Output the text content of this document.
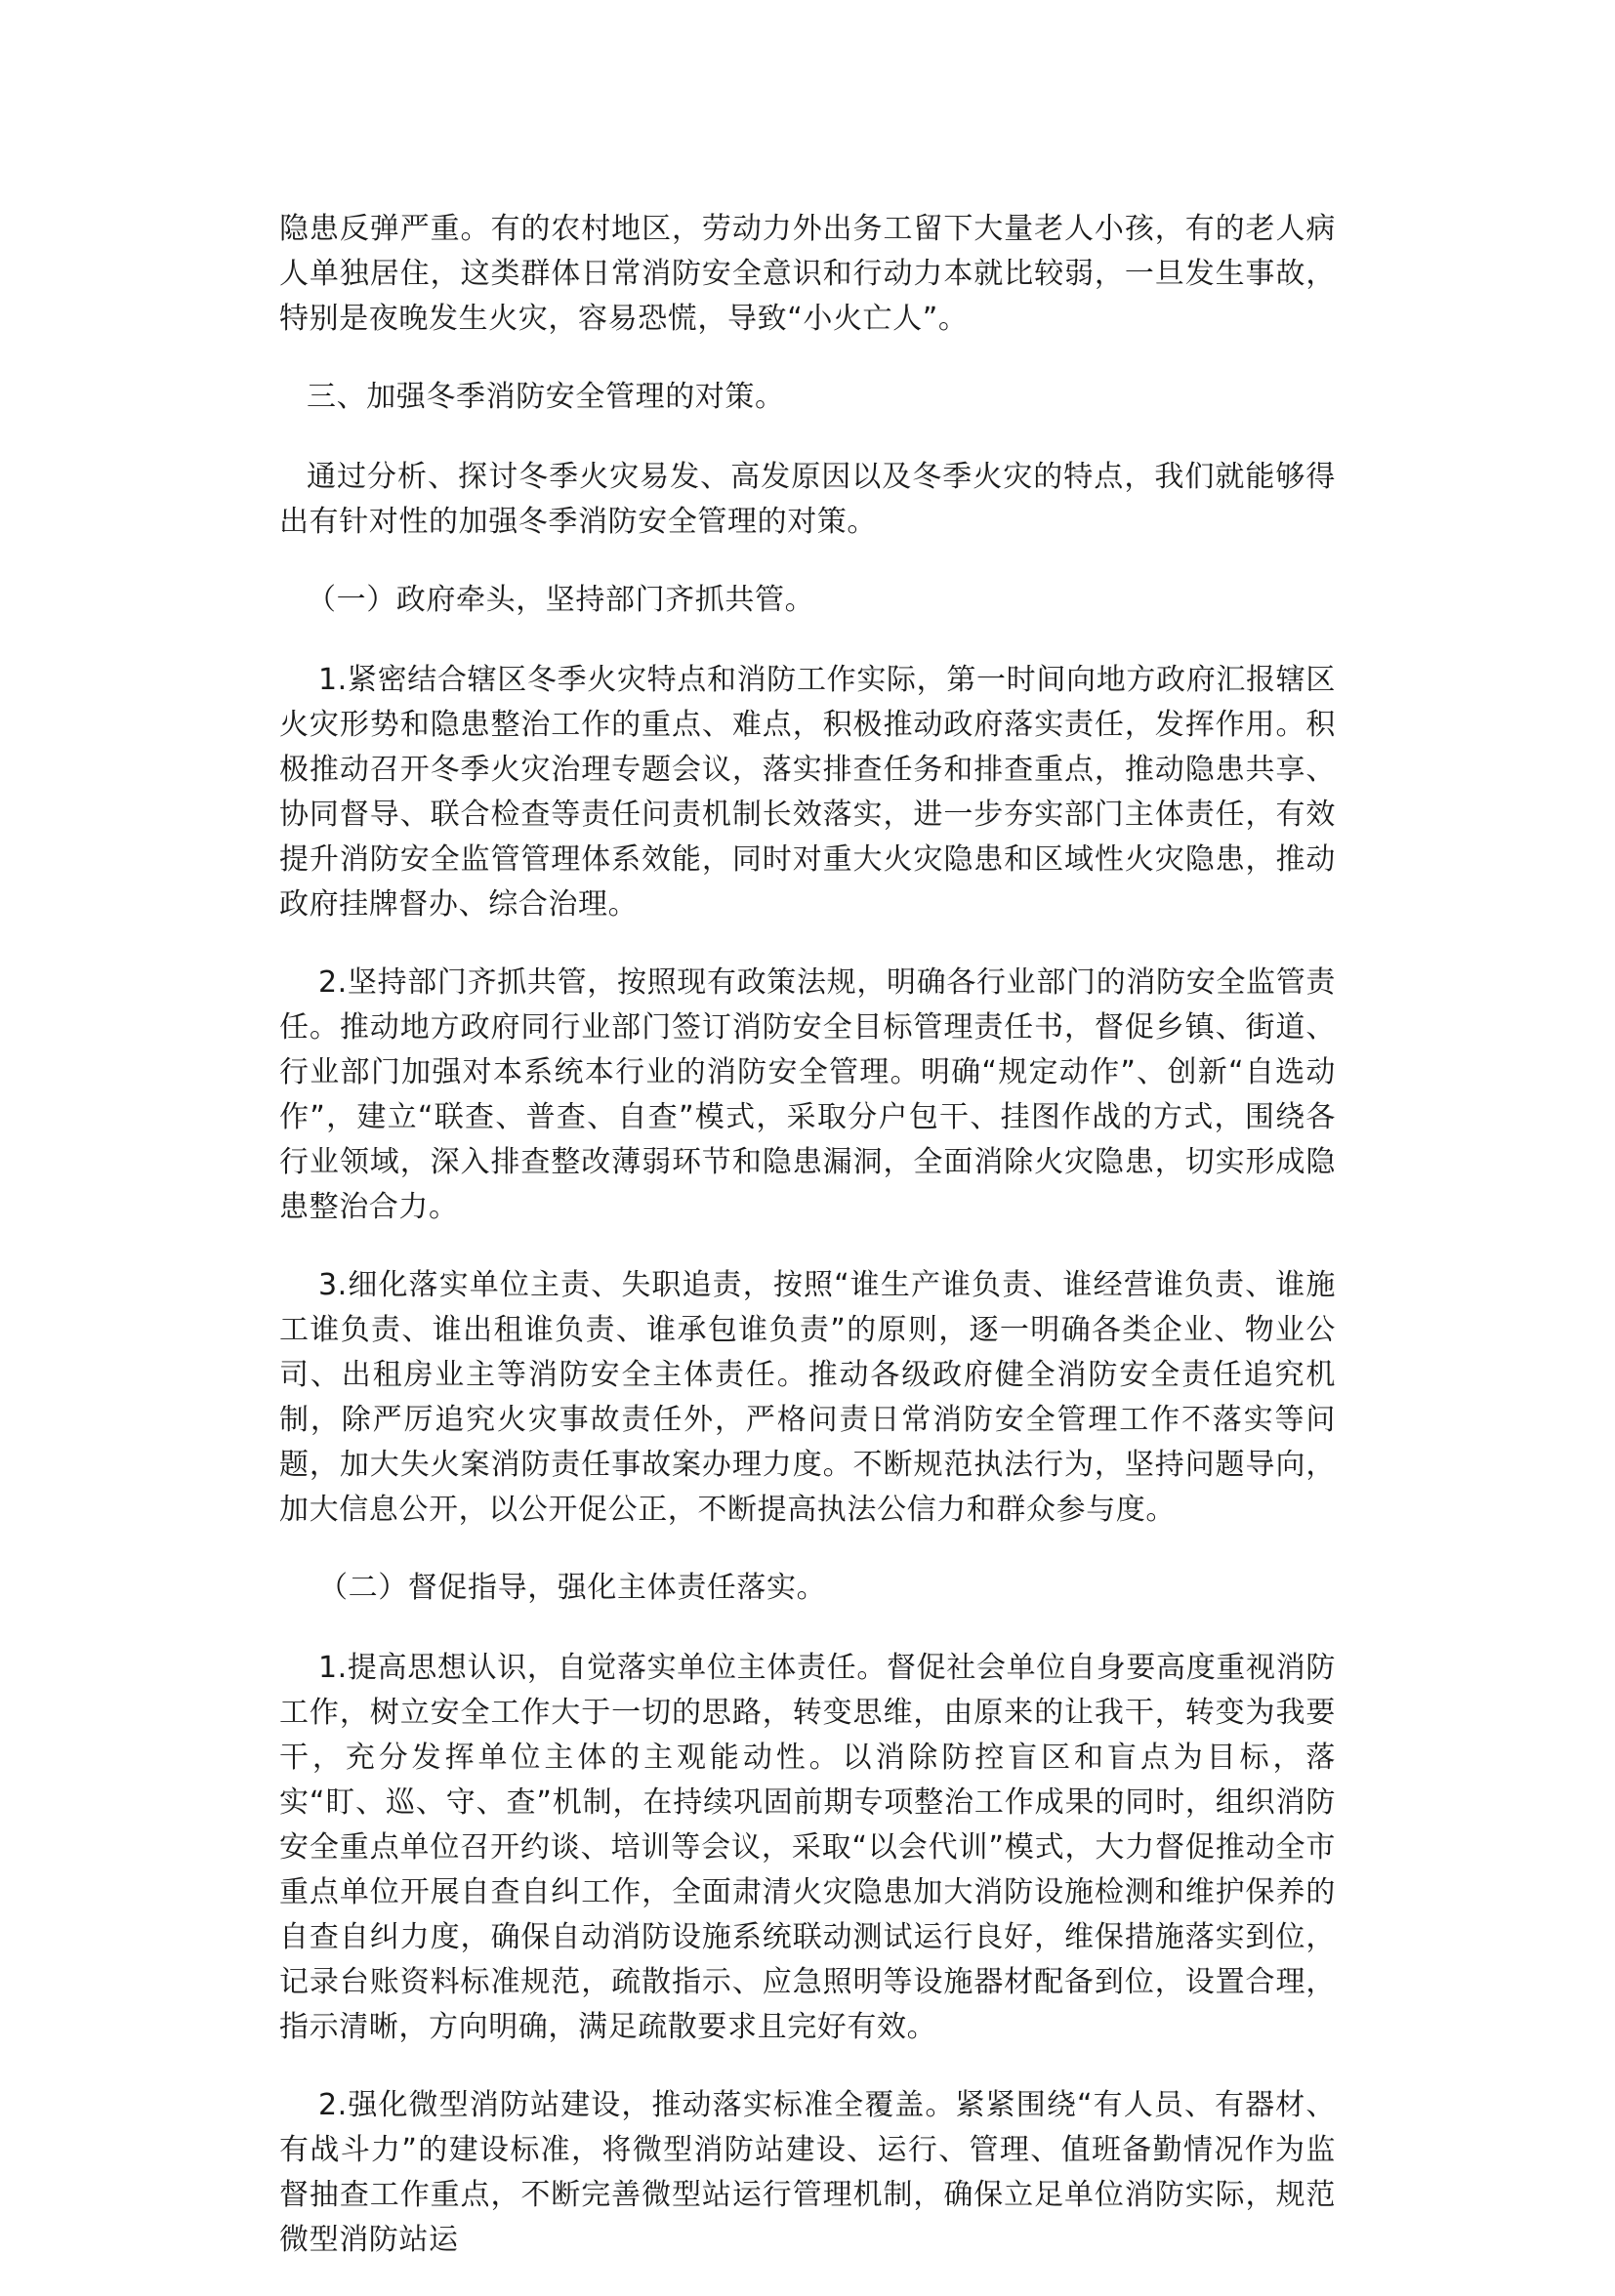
隐患反弹严重。有的农村地区，劳动力外出务工留下大量老人小孩，有的老人病人单独居住，这类群体日常消防安全意识和行动力本就比较弱，一旦发生事故，特别是夜晚发生火灾，容易恐慌，导致“小火亡人”。

三、加强冬季消防安全管理的对策。

通过分析、探讨冬季火灾易发、高发原因以及冬季火灾的特点，我们就能够得出有针对性的加强冬季消防安全管理的对策。

（一）政府牵头，坚持部门齐抓共管。

1.紧密结合辖区冬季火灾特点和消防工作实际，第一时间向地方政府汇报辖区火灾形势和隐患整治工作的重点、难点，积极推动政府落实责任，发挥作用。积极推动召开冬季火灾治理专题会议，落实排查任务和排查重点，推动隐患共享、协同督导、联合检查等责任问责机制长效落实，进一步夯实部门主体责任，有效提升消防安全监管管理体系效能，同时对重大火灾隐患和区域性火灾隐患，推动政府挂牌督办、综合治理。

2.坚持部门齐抓共管，按照现有政策法规，明确各行业部门的消防安全监管责任。推动地方政府同行业部门签订消防安全目标管理责任书，督促乡镇、街道、行业部门加强对本系统本行业的消防安全管理。明确“规定动作”、创新“自选动作”，建立“联查、普查、自查”模式，采取分户包干、挂图作战的方式，围绕各行业领域，深入排查整改薄弱环节和隐患漏洞，全面消除火灾隐患，切实形成隐患整治合力。

3.细化落实单位主责、失职追责，按照“谁生产谁负责、谁经营谁负责、谁施工谁负责、谁出租谁负责、谁承包谁负责”的原则，逐一明确各类企业、物业公司、出租房业主等消防安全主体责任。推动各级政府健全消防安全责任追究机制，除严厉追究火灾事故责任外，严格问责日常消防安全管理工作不落实等问题，加大失火案消防责任事故案办理力度。不断规范执法行为，坚持问题导向，加大信息公开，以公开促公正，不断提高执法公信力和群众参与度。

（二）督促指导，强化主体责任落实。

1.提高思想认识，自觉落实单位主体责任。督促社会单位自身要高度重视消防工作，树立安全工作大于一切的思路，转变思维，由原来的让我干，转变为我要干，充分发挥单位主体的主观能动性。以消除防控盲区和盲点为目标，落实“盯、巡、守、查”机制，在持续巩固前期专项整治工作成果的同时，组织消防安全重点单位召开约谈、培训等会议，采取“以会代训”模式，大力督促推动全市重点单位开展自查自纠工作，全面肃清火灾隐患加大消防设施检测和维护保养的自查自纠力度，确保自动消防设施系统联动测试运行良好，维保措施落实到位，记录台账资料标准规范，疏散指示、应急照明等设施器材配备到位，设置合理，指示清晰，方向明确，满足疏散要求且完好有效。

2.强化微型消防站建设，推动落实标准全覆盖。紧紧围绕“有人员、有器材、有战斗力”的建设标准，将微型消防站建设、运行、管理、值班备勤情况作为监督抽查工作重点，不断完善微型站运行管理机制，确保立足单位消防实际，规范微型消防站运
